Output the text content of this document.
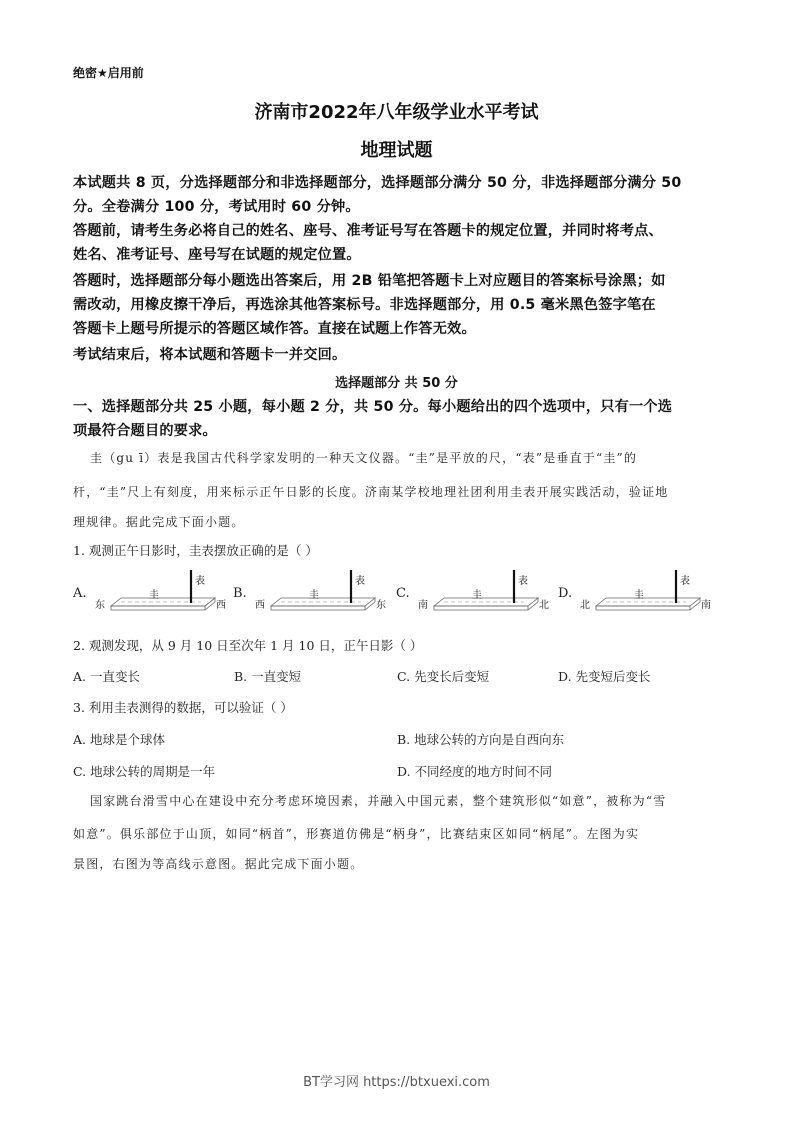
绝密★启用前
济南市2022年八年级学业水平考试
地理试题
本试题共 8 页，分选择题部分和非选择题部分，选择题部分满分 50 分，非选择题部分满分 50
分。全卷满分 100 分，考试用时 60 分钟。
答题前，请考生务必将自己的姓名、座号、准考证号写在答题卡的规定位置，并同时将考点、
姓名、准考证号、座号写在试题的规定位置。
答题时，选择题部分每小题选出答案后，用 2B 铅笔把答题卡上对应题目的答案标号涂黑；如
需改动，用橡皮擦干净后，再选涂其他答案标号。非选择题部分，用 0.5 毫米黑色签字笔在
答题卡上题号所提示的答题区域作答。直接在试题上作答无效。
考试结束后，将本试题和答题卡一并交回。
选择题部分 共 50 分
一、选择题部分共 25 小题，每小题 2 分，共 50 分。每小题给出的四个选项中，只有一个选
项最符合题目的要求。
圭（gu ī）表是我国古代科学家发明的一种天文仪器。“圭”是平放的尺，“表”是垂直于“圭”的
杆，“圭”尺上有刻度，用来标示正午日影的长度。济南某学校地理社团利用圭表开展实践活动，验证地
理规律。据此完成下面小题。
1. 观测正午日影时，圭表摆放正确的是（ ）
A.
表
圭
东	西
B.
表
圭
西	东
C.
表
圭
南	北
D.
表
圭
北	南
2. 观测发现，从 9 月 10 日至次年 1 月 10 日，正午日影（ ）
A. 一直变长	B. 一直变短	C. 先变长后变短	D. 先变短后变长
3. 利用圭表测得的数据，可以验证（ ）
A. 地球是个球体	B. 地球公转的方向是自西向东
C. 地球公转的周期是一年	D. 不同经度的地方时间不同
国家跳台滑雪中心在建设中充分考虑环境因素，并融入中国元素，整个建筑形似“如意”，被称为“雪
如意”。俱乐部位于山顶，如同“柄首”，形赛道仿佛是“柄身”，比赛结束区如同“柄尾”。左图为实
景图，右图为等高线示意图。据此完成下面小题。
BT学习网 https://btxuexi.com
